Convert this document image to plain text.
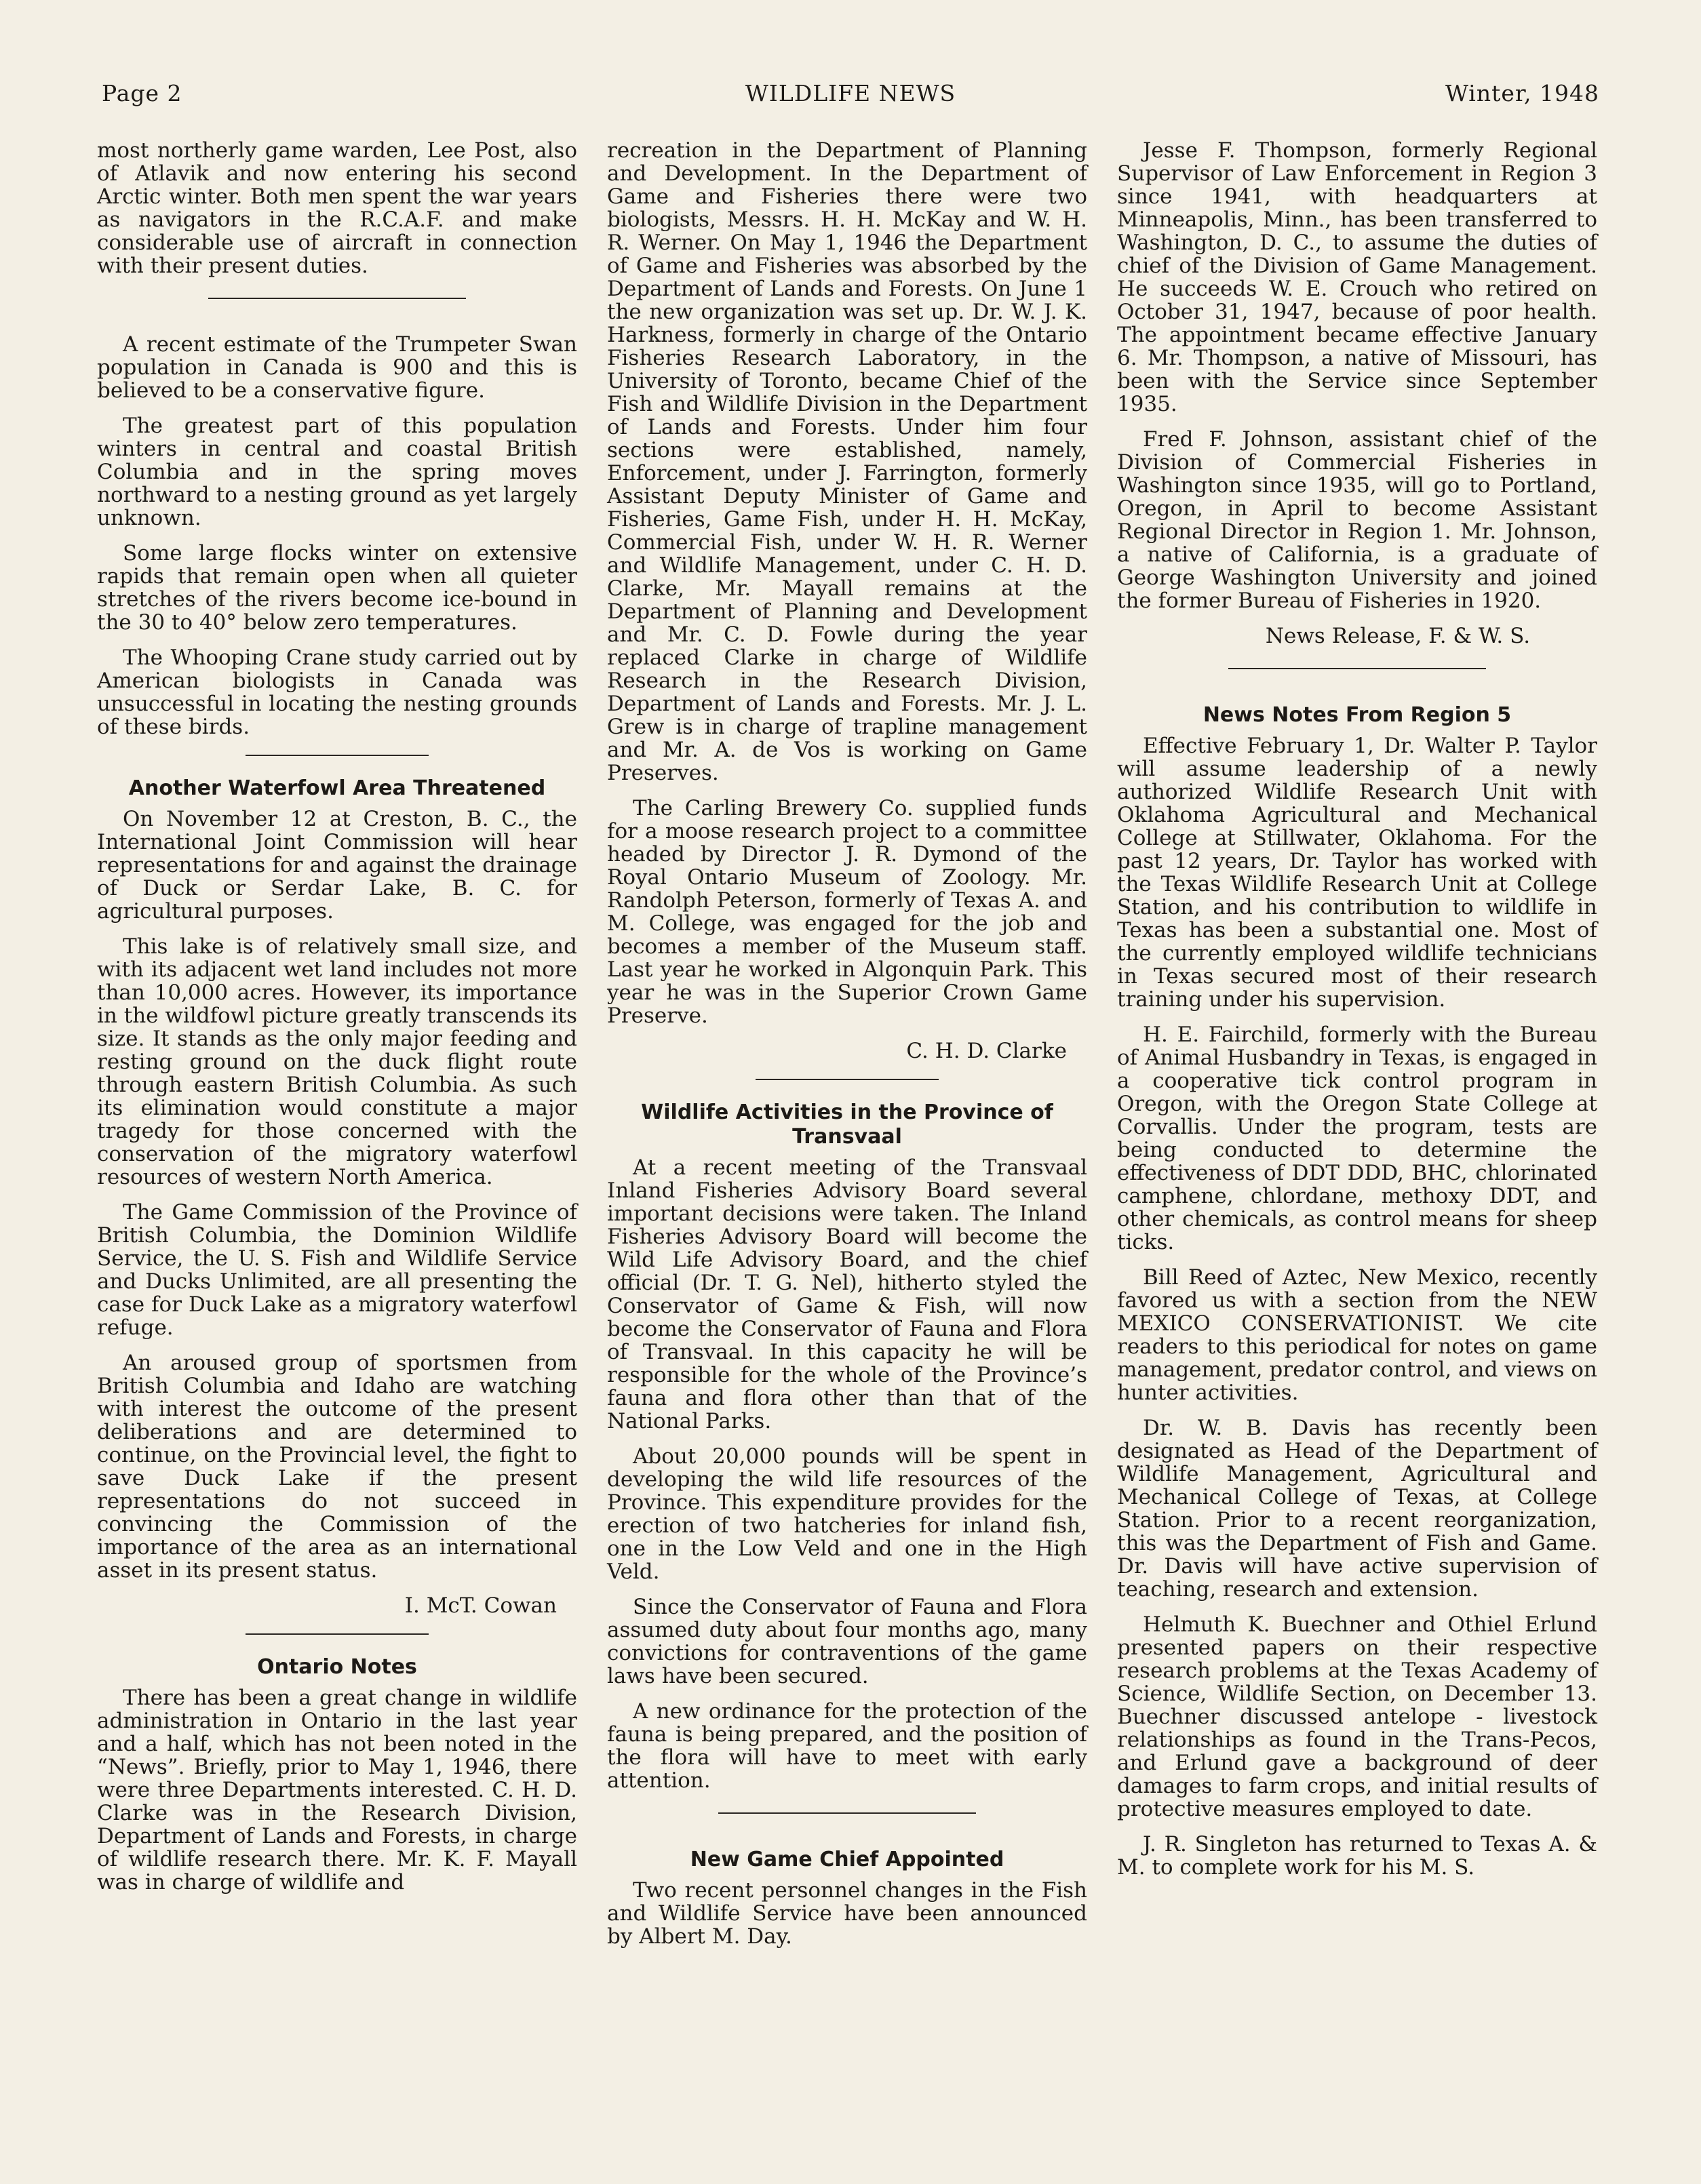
Page 2	WILDLIFE NEWS	Winter, 1948

most northerly game warden, Lee Post, also of Atlavik and now entering his second Arctic winter. Both men spent the war years as navigators in the R.C.A.F. and make considerable use of aircraft in connection with their present duties.

A recent estimate of the Trumpeter Swan population in Canada is 900 and this is believed to be a conservative figure.

The greatest part of this population winters in central and coastal British Columbia and in the spring moves northward to a nesting ground as yet largely unknown.

Some large flocks winter on extensive rapids that remain open when all quieter stretches of the rivers become ice-bound in the 30 to 40° below zero temperatures.

The Whooping Crane study carried out by American biologists in Canada was unsuccessful in locating the nesting grounds of these birds.

Another Waterfowl Area Threatened

On November 12 at Creston, B. C., the International Joint Commission will hear representations for and against the drainage of Duck or Serdar Lake, B. C. for agricultural purposes.

This lake is of relatively small size, and with its adjacent wet land includes not more than 10,000 acres. However, its importance in the wildfowl picture greatly transcends its size. It stands as the only major feeding and resting ground on the duck flight route through eastern British Columbia. As such its elimination would constitute a major tragedy for those concerned with the conservation of the migratory waterfowl resources of western North America.

The Game Commission of the Province of British Columbia, the Dominion Wildlife Service, the U. S. Fish and Wildlife Service and Ducks Unlimited, are all presenting the case for Duck Lake as a migratory waterfowl refuge.

An aroused group of sportsmen from British Columbia and Idaho are watching with interest the outcome of the present deliberations and are determined to continue, on the Provincial level, the fight to save Duck Lake if the present representations do not succeed in convincing the Commission of the importance of the area as an international asset in its present status.

I. McT. Cowan

Ontario Notes

There has been a great change in wildlife administration in Ontario in the last year and a half, which has not been noted in the “News”. Briefly, prior to May 1, 1946, there were three Departments interested. C. H. D. Clarke was in the Research Division, Department of Lands and Forests, in charge of wildlife research there. Mr. K. F. Mayall was in charge of wildlife and

recreation in the Department of Planning and Development. In the Department of Game and Fisheries there were two biologists, Messrs. H. H. McKay and W. H. R. Werner. On May 1, 1946 the Department of Game and Fisheries was absorbed by the Department of Lands and Forests. On June 1 the new organization was set up. Dr. W. J. K. Harkness, formerly in charge of the Ontario Fisheries Research Laboratory, in the University of Toronto, became Chief of the Fish and Wildlife Division in the Department of Lands and Forests. Under him four sections were established, namely, Enforcement, under J. Farrington, formerly Assistant Deputy Minister of Game and Fisheries, Game Fish, under H. H. McKay, Commercial Fish, under W. H. R. Werner and Wildlife Management, under C. H. D. Clarke, Mr. Mayall remains at the Department of Planning and Development and Mr. C. D. Fowle during the year replaced Clarke in charge of Wildlife Research in the Research Division, Department of Lands and Forests. Mr. J. L. Grew is in charge of trapline management and Mr. A. de Vos is working on Game Preserves.

The Carling Brewery Co. supplied funds for a moose research project to a committee headed by Director J. R. Dymond of the Royal Ontario Museum of Zoology. Mr. Randolph Peterson, formerly of Texas A. and M. College, was engaged for the job and becomes a member of the Museum staff. Last year he worked in Algonquin Park. This year he was in the Superior Crown Game Preserve.

C. H. D. Clarke

Wildlife Activities in the Province of Transvaal

At a recent meeting of the Transvaal Inland Fisheries Advisory Board several important decisions were taken. The Inland Fisheries Advisory Board will become the Wild Life Advisory Board, and the chief official (Dr. T. G. Nel), hitherto styled the Conservator of Game & Fish, will now become the Conservator of Fauna and Flora of Transvaal. In this capacity he will be responsible for the whole of the Province’s fauna and flora other than that of the National Parks.

About 20,000 pounds will be spent in developing the wild life resources of the Province. This expenditure provides for the erection of two hatcheries for inland fish, one in the Low Veld and one in the High Veld.

Since the Conservator of Fauna and Flora assumed duty about four months ago, many convictions for contraventions of the game laws have been secured.

A new ordinance for the protection of the fauna is being prepared, and the position of the flora will have to meet with early attention.

New Game Chief Appointed

Two recent personnel changes in the Fish and Wildlife Service have been announced by Albert M. Day.

Jesse F. Thompson, formerly Regional Supervisor of Law Enforcement in Region 3 since 1941, with headquarters at Minneapolis, Minn., has been transferred to Washington, D. C., to assume the duties of chief of the Division of Game Management. He succeeds W. E. Crouch who retired on October 31, 1947, because of poor health. The appointment became effective January 6. Mr. Thompson, a native of Missouri, has been with the Service since September 1935.

Fred F. Johnson, assistant chief of the Division of Commercial Fisheries in Washington since 1935, will go to Portland, Oregon, in April to become Assistant Regional Director in Region 1. Mr. Johnson, a native of California, is a graduate of George Washington University and joined the former Bureau of Fisheries in 1920.

News Release, F. & W. S.

News Notes From Region 5

Effective February 1, Dr. Walter P. Taylor will assume leadership of a newly authorized Wildlife Research Unit with Oklahoma Agricultural and Mechanical College at Stillwater, Oklahoma. For the past 12 years, Dr. Taylor has worked with the Texas Wildlife Research Unit at College Station, and his contribution to wildlife in Texas has been a substantial one. Most of the currently employed wildlife technicians in Texas secured most of their research training under his supervision.

H. E. Fairchild, formerly with the Bureau of Animal Husbandry in Texas, is engaged in a cooperative tick control program in Oregon, with the Oregon State College at Corvallis. Under the program, tests are being conducted to determine the effectiveness of DDT DDD, BHC, chlorinated camphene, chlordane, methoxy DDT, and other chemicals, as control means for sheep ticks.

Bill Reed of Aztec, New Mexico, recently favored us with a section from the NEW MEXICO CONSERVATIONIST. We cite readers to this periodical for notes on game management, predator control, and views on hunter activities.

Dr. W. B. Davis has recently been designated as Head of the Department of Wildlife Management, Agricultural and Mechanical College of Texas, at College Station. Prior to a recent reorganization, this was the Department of Fish and Game. Dr. Davis will have active supervision of teaching, research and extension.

Helmuth K. Buechner and Othiel Erlund presented papers on their respective research problems at the Texas Academy of Science, Wildlife Section, on December 13. Buechner discussed antelope - livestock relationships as found in the Trans-Pecos, and Erlund gave a background of deer damages to farm crops, and initial results of protective measures employed to date.

J. R. Singleton has returned to Texas A. & M. to complete work for his M. S.
